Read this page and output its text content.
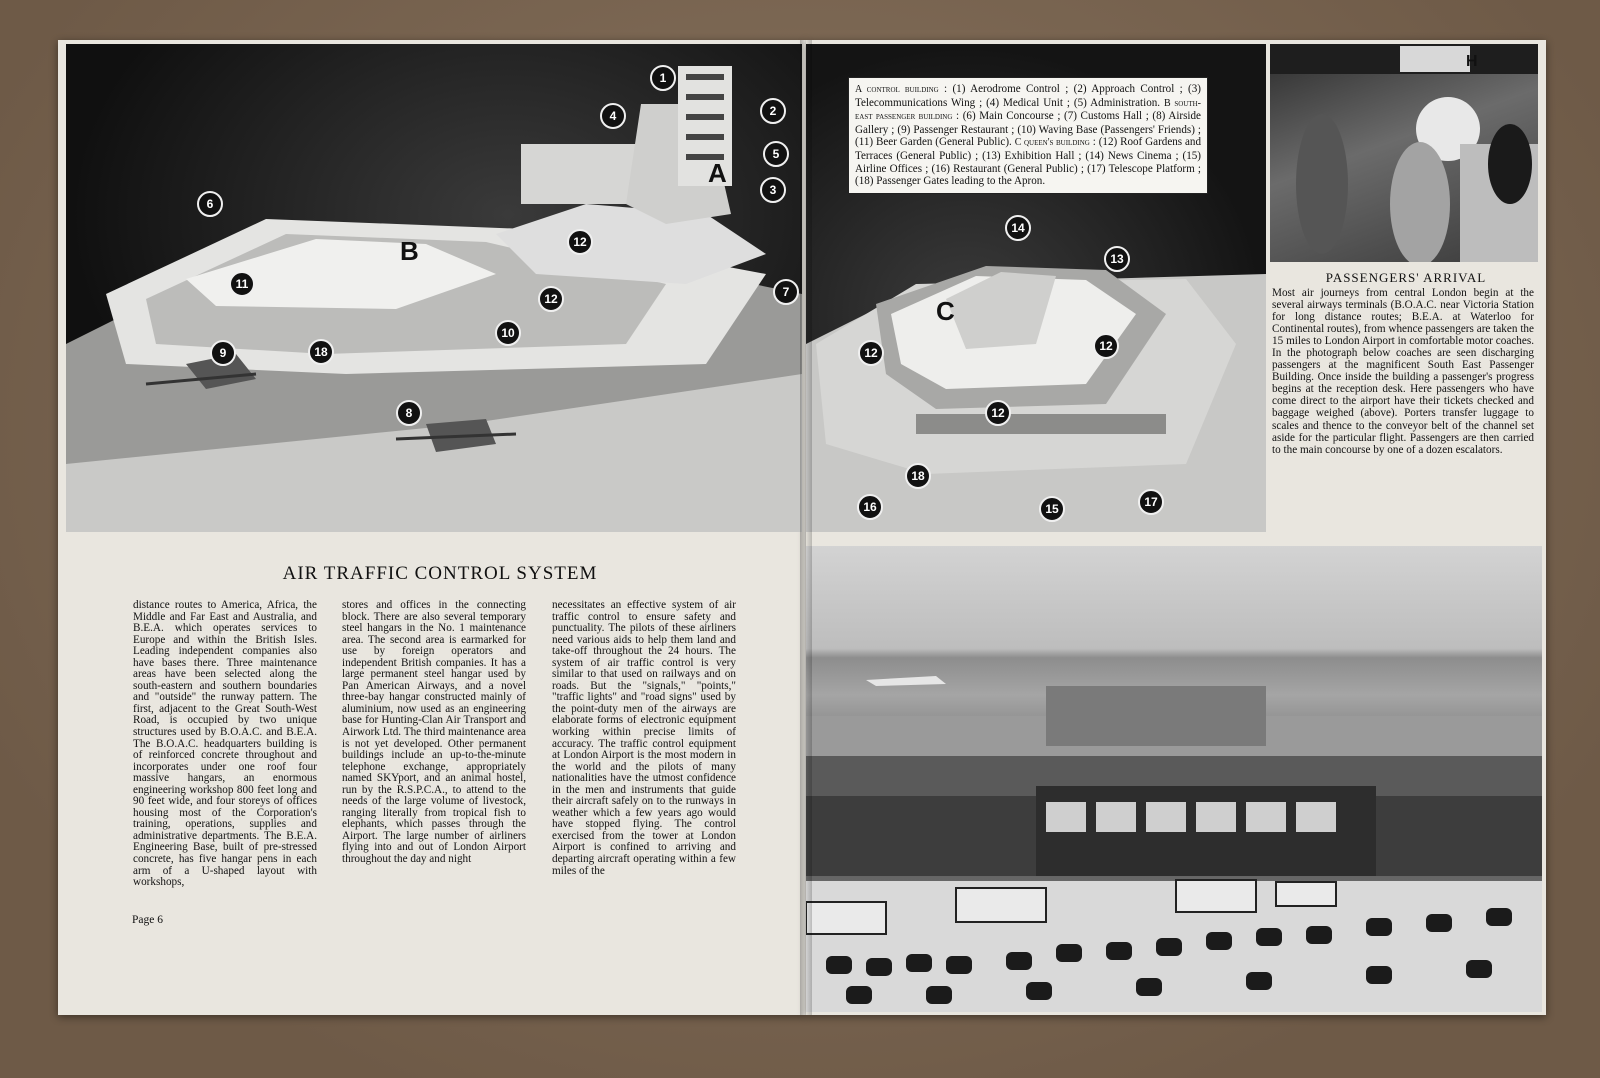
H
A
B
C
1
2
3
4
5
6
7
8
9
10
11
12
12
12	12
12
13
14
15
16	17
18
18
A control building : (1) Aerodrome Control ; (2) Approach Control ; (3) Telecommunications Wing ; (4) Medical Unit ; (5) Administration. B south-east passenger building : (6) Main Concourse ; (7) Customs Hall ; (8) Airside Gallery ; (9) Passenger Restaurant ; (10) Waving Base (Passengers' Friends) ; (11) Beer Garden (General Public). C queen's building : (12) Roof Gardens and Terraces (General Public) ; (13) Exhibition Hall ; (14) News Cinema ; (15) Airline Offices ; (16) Restaurant (General Public) ; (17) Telescope Platform ; (18) Passenger Gates leading to the Apron.
PASSENGERS' ARRIVAL
Most air journeys from central London begin at the several airways terminals (B.O.A.C. near Victoria Station for long distance routes; B.E.A. at Waterloo for Continental routes), from whence passengers are taken the 15 miles to London Airport in comfortable motor coaches. In the photograph below coaches are seen discharging passengers at the magnificent South East Passenger Building. Once inside the building a passenger's progress begins at the reception desk. Here passengers who have come direct to the airport have their tickets checked and baggage weighed (above). Porters transfer luggage to scales and thence to the conveyor belt of the channel set aside for the particular flight. Passengers are then carried to the main concourse by one of a dozen escalators.
AIR TRAFFIC CONTROL SYSTEM
distance routes to America, Africa, the Middle and Far East and Australia, and B.E.A. which operates services to Europe and within the British Isles. Leading independent companies also have bases there. Three maintenance areas have been selected along the south-eastern and southern boundaries and "outside" the runway pattern. The first, adjacent to the Great South-West Road, is occupied by two unique structures used by B.O.A.C. and B.E.A. The B.O.A.C. headquarters building is of reinforced concrete throughout and incorporates under one roof four massive hangars, an enormous engineering workshop 800 feet long and 90 feet wide, and four storeys of offices housing most of the Corporation's training, operations, supplies and administrative departments. The B.E.A. Engineering Base, built of pre-stressed concrete, has five hangar pens in each arm of a U-shaped layout with workshops,
stores and offices in the connecting block. There are also several temporary steel hangars in the No. 1 maintenance area. The second area is earmarked for use by foreign operators and independent British companies. It has a large permanent steel hangar used by Pan American Airways, and a novel three-bay hangar constructed mainly of aluminium, now used as an engineering base for Hunting-Clan Air Transport and Airwork Ltd. The third maintenance area is not yet developed. Other permanent buildings include an up-to-the-minute telephone exchange, appropriately named SKYport, and an animal hostel, run by the R.S.P.C.A., to attend to the needs of the large volume of livestock, ranging literally from tropical fish to elephants, which passes through the Airport. The large number of airliners flying into and out of London Airport throughout the day and night
necessitates an effective system of air traffic control to ensure safety and punctuality. The pilots of these airliners need various aids to help them land and take-off throughout the 24 hours. The system of air traffic control is very similar to that used on railways and on roads. But the "signals," "points," "traffic lights" and "road signs" used by the point-duty men of the airways are elaborate forms of electronic equipment working within precise limits of accuracy. The traffic control equipment at London Airport is the most modern in the world and the pilots of many nationalities have the utmost confidence in the men and instruments that guide their aircraft safely on to the runways in weather which a few years ago would have stopped flying. The control exercised from the tower at London Airport is confined to arriving and departing aircraft operating within a few miles of the
Page 6
